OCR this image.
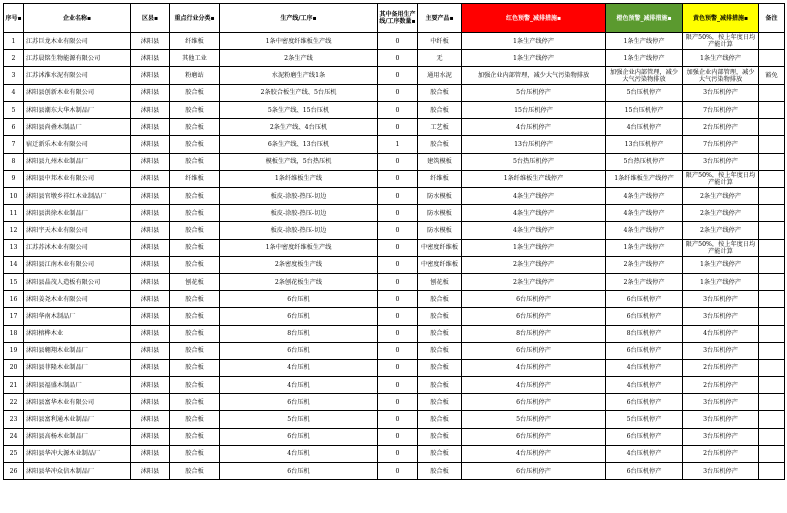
序号▪	企业名称▪	区县▪	重点行业分类▪	生产线/工序▪	其中备用生产线/工序数量▪	主要产品▪	红色预警_减排措施▪	橙色预警_减排措施▪	黄色预警_减排措施▪	备注
1	江苏巨龙木业有限公司	沭阳县	纤维板	1条中密度纤维板生产线	0	中纤板	1条生产线停产	1条生产线停产	限产50%，按上年度日均产能计算	
2	江苏晨铭生物能源有限公司	沭阳县	其他工业	2条生产线	0	无	1条生产线停产	1条生产线停产	1条生产线停产	
3	江苏沭淮水泥有限公司	沭阳县	粉磨站	水泥粉磨生产线1条	0	通用水泥	加强企业内部管理，减少大气污染物排放	加强企业内部管理，减少大气污染物排放	加强企业内部管理，减少大气污染物排放	豁免
4	沭阳县创新木业有限公司	沭阳县	胶合板	2条胶合板生产线、5台压机	0	胶合板	5台压机停产	5台压机停产	3台压机停产	
5	沭阳县潮东大华木制品厂	沭阳县	胶合板	5条生产线、15台压机	0	胶合板	15台压机停产	15台压机停产	7台压机停产	
6	沭阳县尚叠木制品厂	沭阳县	胶合板	2条生产线、4台压机	0	工艺板	4台压机停产	4台压机停产	2台压机停产	
7	宿迁新乐木业有限公司	沭阳县	胶合板	6条生产线、13台压机	1	胶合板	13台压机停产	13台压机停产	7台压机停产	
8	沭阳县九州木业制品厂	沭阳县	胶合板	模板生产线，5台热压机	0	建筑模板	5台热压机停产	5台热压机停产	3台压机停产	
9	沭阳县中邦木业有限公司	沭阳县	纤维板	1条纤维板生产线	0	纤维板	1条纤维板生产线停产	1条纤维板生产线停产	限产50%，按上年度日均产能计算	
10	沭阳县官墩乡祥红木业制品厂	沭阳县	胶合板	板皮-涂胶-热压-切边	0	防水模板	4条生产线停产	4条生产线停产	2条生产线停产	
11	沭阳县洪徐木业制品厂	沭阳县	胶合板	板皮-涂胶-热压-切边	0	防水模板	4条生产线停产	4条生产线停产	2条生产线停产	
12	沭阳宇天木业有限公司	沭阳县	胶合板	板皮-涂胶-热压-切边	0	防水模板	4条生产线停产	4条生产线停产	2条生产线停产	
13	江苏苏沭木业有限公司	沭阳县	胶合板	1条中密度纤维板生产线	0	中密度纤维板	1条生产线停产	1条生产线停产	限产50%，按上年度日均产能计算	
14	沭阳县江南木业有限公司	沭阳县	胶合板	2条密度板生产线	0	中密度纤维板	2条生产线停产	2条生产线停产	1条生产线停产	
15	沭阳县晶茂人造板有限公司	沭阳县	刨花板	2条刨花板生产线	0	刨花板	2条生产线停产	2条生产线停产	1条生产线停产	
16	沭阳姜尧木业有限公司	沭阳县	胶合板	6台压机	0	胶合板	6台压机停产	6台压机停产	3台压机停产	
17	沭阳华南木制品厂	沭阳县	胶合板	6台压机	0	胶合板	6台压机停产	6台压机停产	3台压机停产	
18	沭阳榕桦木业	沭阳县	胶合板	8台压机	0	胶合板	8台压机停产	8台压机停产	4台压机停产	
19	沭阳县翱翔木业制品厂	沭阳县	胶合板	6台压机	0	胶合板	6台压机停产	6台压机停产	3台压机停产	
20	沭阳县菲隆木业制品厂	沭阳县	胶合板	4台压机	0	胶合板	4台压机停产	4台压机停产	2台压机停产	
21	沭阳县福盛木制品厂	沭阳县	胶合板	4台压机	0	胶合板	4台压机停产	4台压机停产	2台压机停产	
22	沭阳县富华木业有限公司	沭阳县	胶合板	6台压机	0	胶合板	6台压机停产	6台压机停产	3台压机停产	
23	沭阳县富利通木业制品厂	沭阳县	胶合板	5台压机	0	胶合板	5台压机停产	5台压机停产	3台压机停产	
24	沭阳县高杨木业制品厂	沭阳县	胶合板	6台压机	0	胶合板	6台压机停产	6台压机停产	3台压机停产	
25	沭阳县华冲大源木业制品厂	沭阳县	胶合板	4台压机	0	胶合板	4台压机停产	4台压机停产	2台压机停产	
26	沭阳县华冲众信木制品厂	沭阳县	胶合板	6台压机	0	胶合板	6台压机停产	6台压机停产	3台压机停产	
